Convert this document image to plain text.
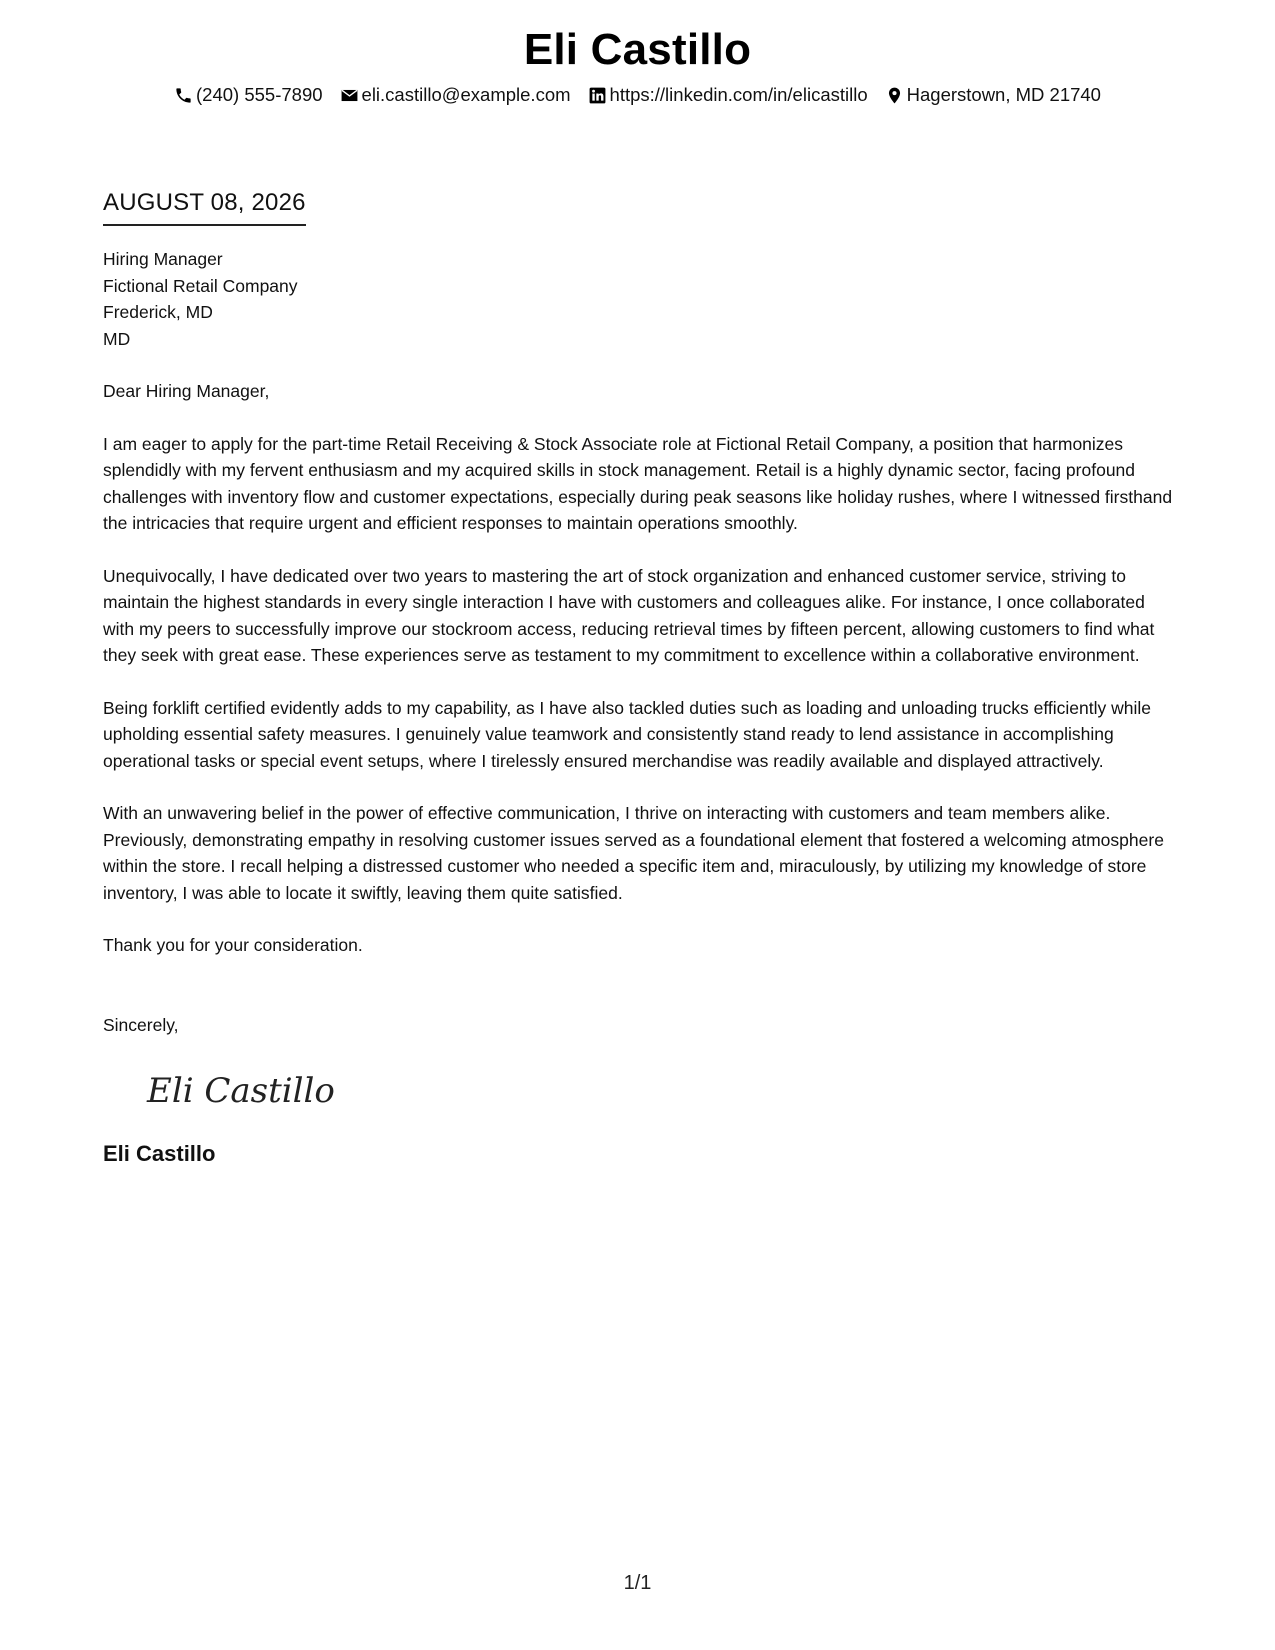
Eli Castillo
(240) 555-7890 eli.castillo@example.com https://linkedin.com/in/elicastillo Hagerstown, MD 21740
AUGUST 08, 2026
Hiring Manager
Fictional Retail Company
Frederick, MD
MD

Dear Hiring Manager,

I am eager to apply for the part-time Retail Receiving & Stock Associate role at Fictional Retail Company, a position that harmonizes splendidly with my fervent enthusiasm and my acquired skills in stock management. Retail is a highly dynamic sector, facing profound challenges with inventory flow and customer expectations, especially during peak seasons like holiday rushes, where I witnessed firsthand the intricacies that require urgent and efficient responses to maintain operations smoothly.

Unequivocally, I have dedicated over two years to mastering the art of stock organization and enhanced customer service, striving to maintain the highest standards in every single interaction I have with customers and colleagues alike. For instance, I once collaborated with my peers to successfully improve our stockroom access, reducing retrieval times by fifteen percent, allowing customers to find what they seek with great ease. These experiences serve as testament to my commitment to excellence within a collaborative environment.

Being forklift certified evidently adds to my capability, as I have also tackled duties such as loading and unloading trucks efficiently while upholding essential safety measures. I genuinely value teamwork and consistently stand ready to lend assistance in accomplishing operational tasks or special event setups, where I tirelessly ensured merchandise was readily available and displayed attractively.

With an unwavering belief in the power of effective communication, I thrive on interacting with customers and team members alike. Previously, demonstrating empathy in resolving customer issues served as a foundational element that fostered a welcoming atmosphere within the store. I recall helping a distressed customer who needed a specific item and, miraculously, by utilizing my knowledge of store inventory, I was able to locate it swiftly, leaving them quite satisfied.

Thank you for your consideration.

Sincerely,

Eli Castillo
Eli Castillo
1/1
